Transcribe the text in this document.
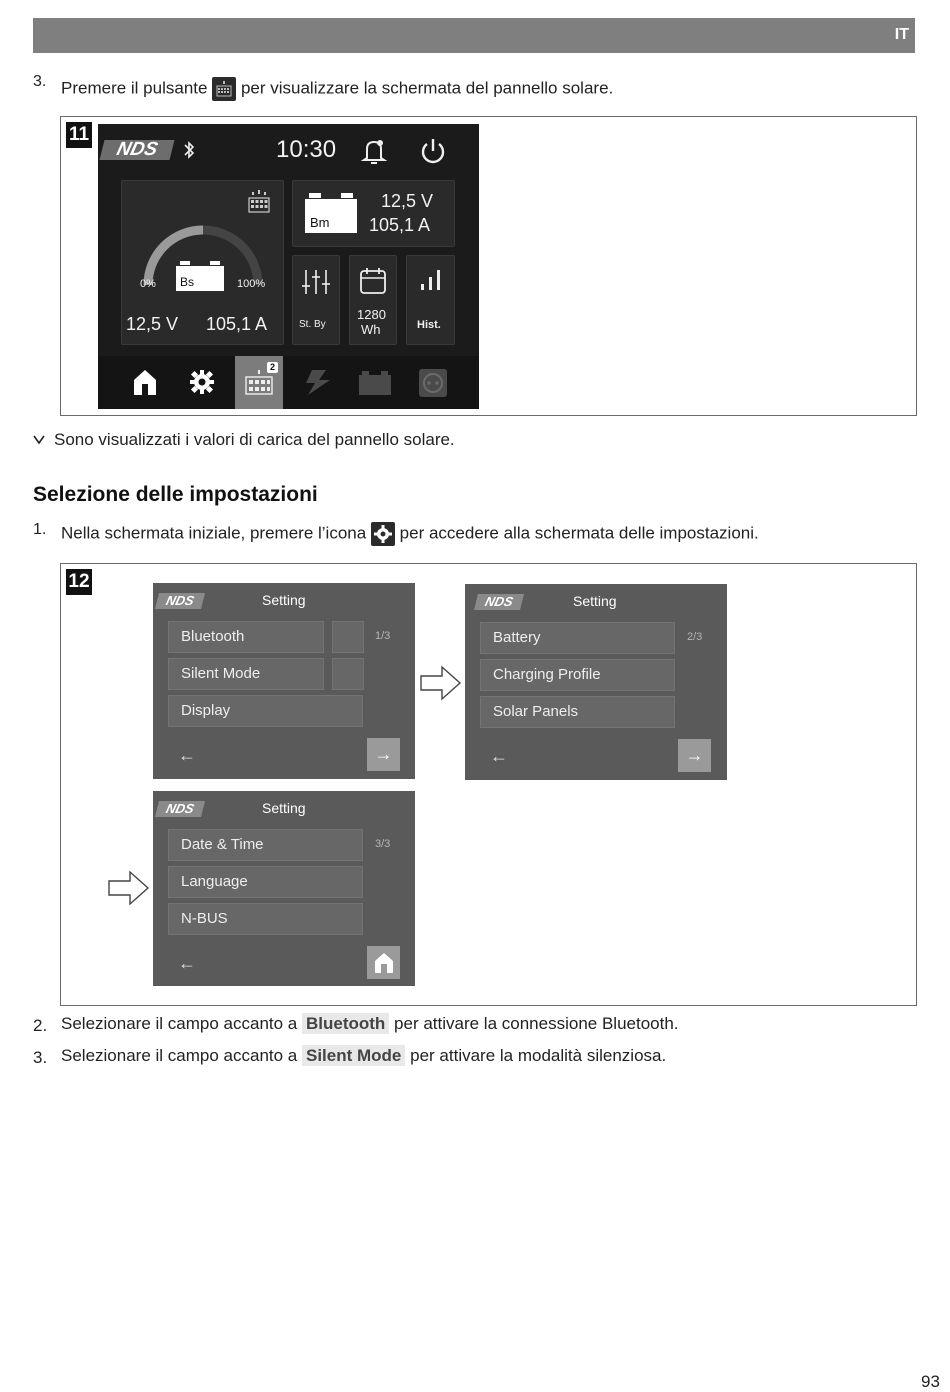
IT
3. Premere il pulsante per visualizzare la schermata del pannello solare.
11
NDS	10:30
0%	100%
Bs
12,5 V 105,1 A
Bm
12,5 V
105,1 A
St. By
1280
Wh	Hist.
2
Sono visualizzati i valori di carica del pannello solare.
Selezione delle impostazioni
1. Nella schermata iniziale, premere l’icona per accedere alla schermata delle impostazioni.
12
NDS	Setting
Bluetooth	1/3
Silent Mode
Display
←	→
NDS	Setting
Battery	2/3
Charging Profile
Solar Panels
←	→
NDS	Setting
Date & Time	3/3
Language
N-BUS
←
2. Selezionare il campo accanto a Bluetooth per attivare la connessione Bluetooth.
3. Selezionare il campo accanto a Silent Mode per attivare la modalità silenziosa.
93
